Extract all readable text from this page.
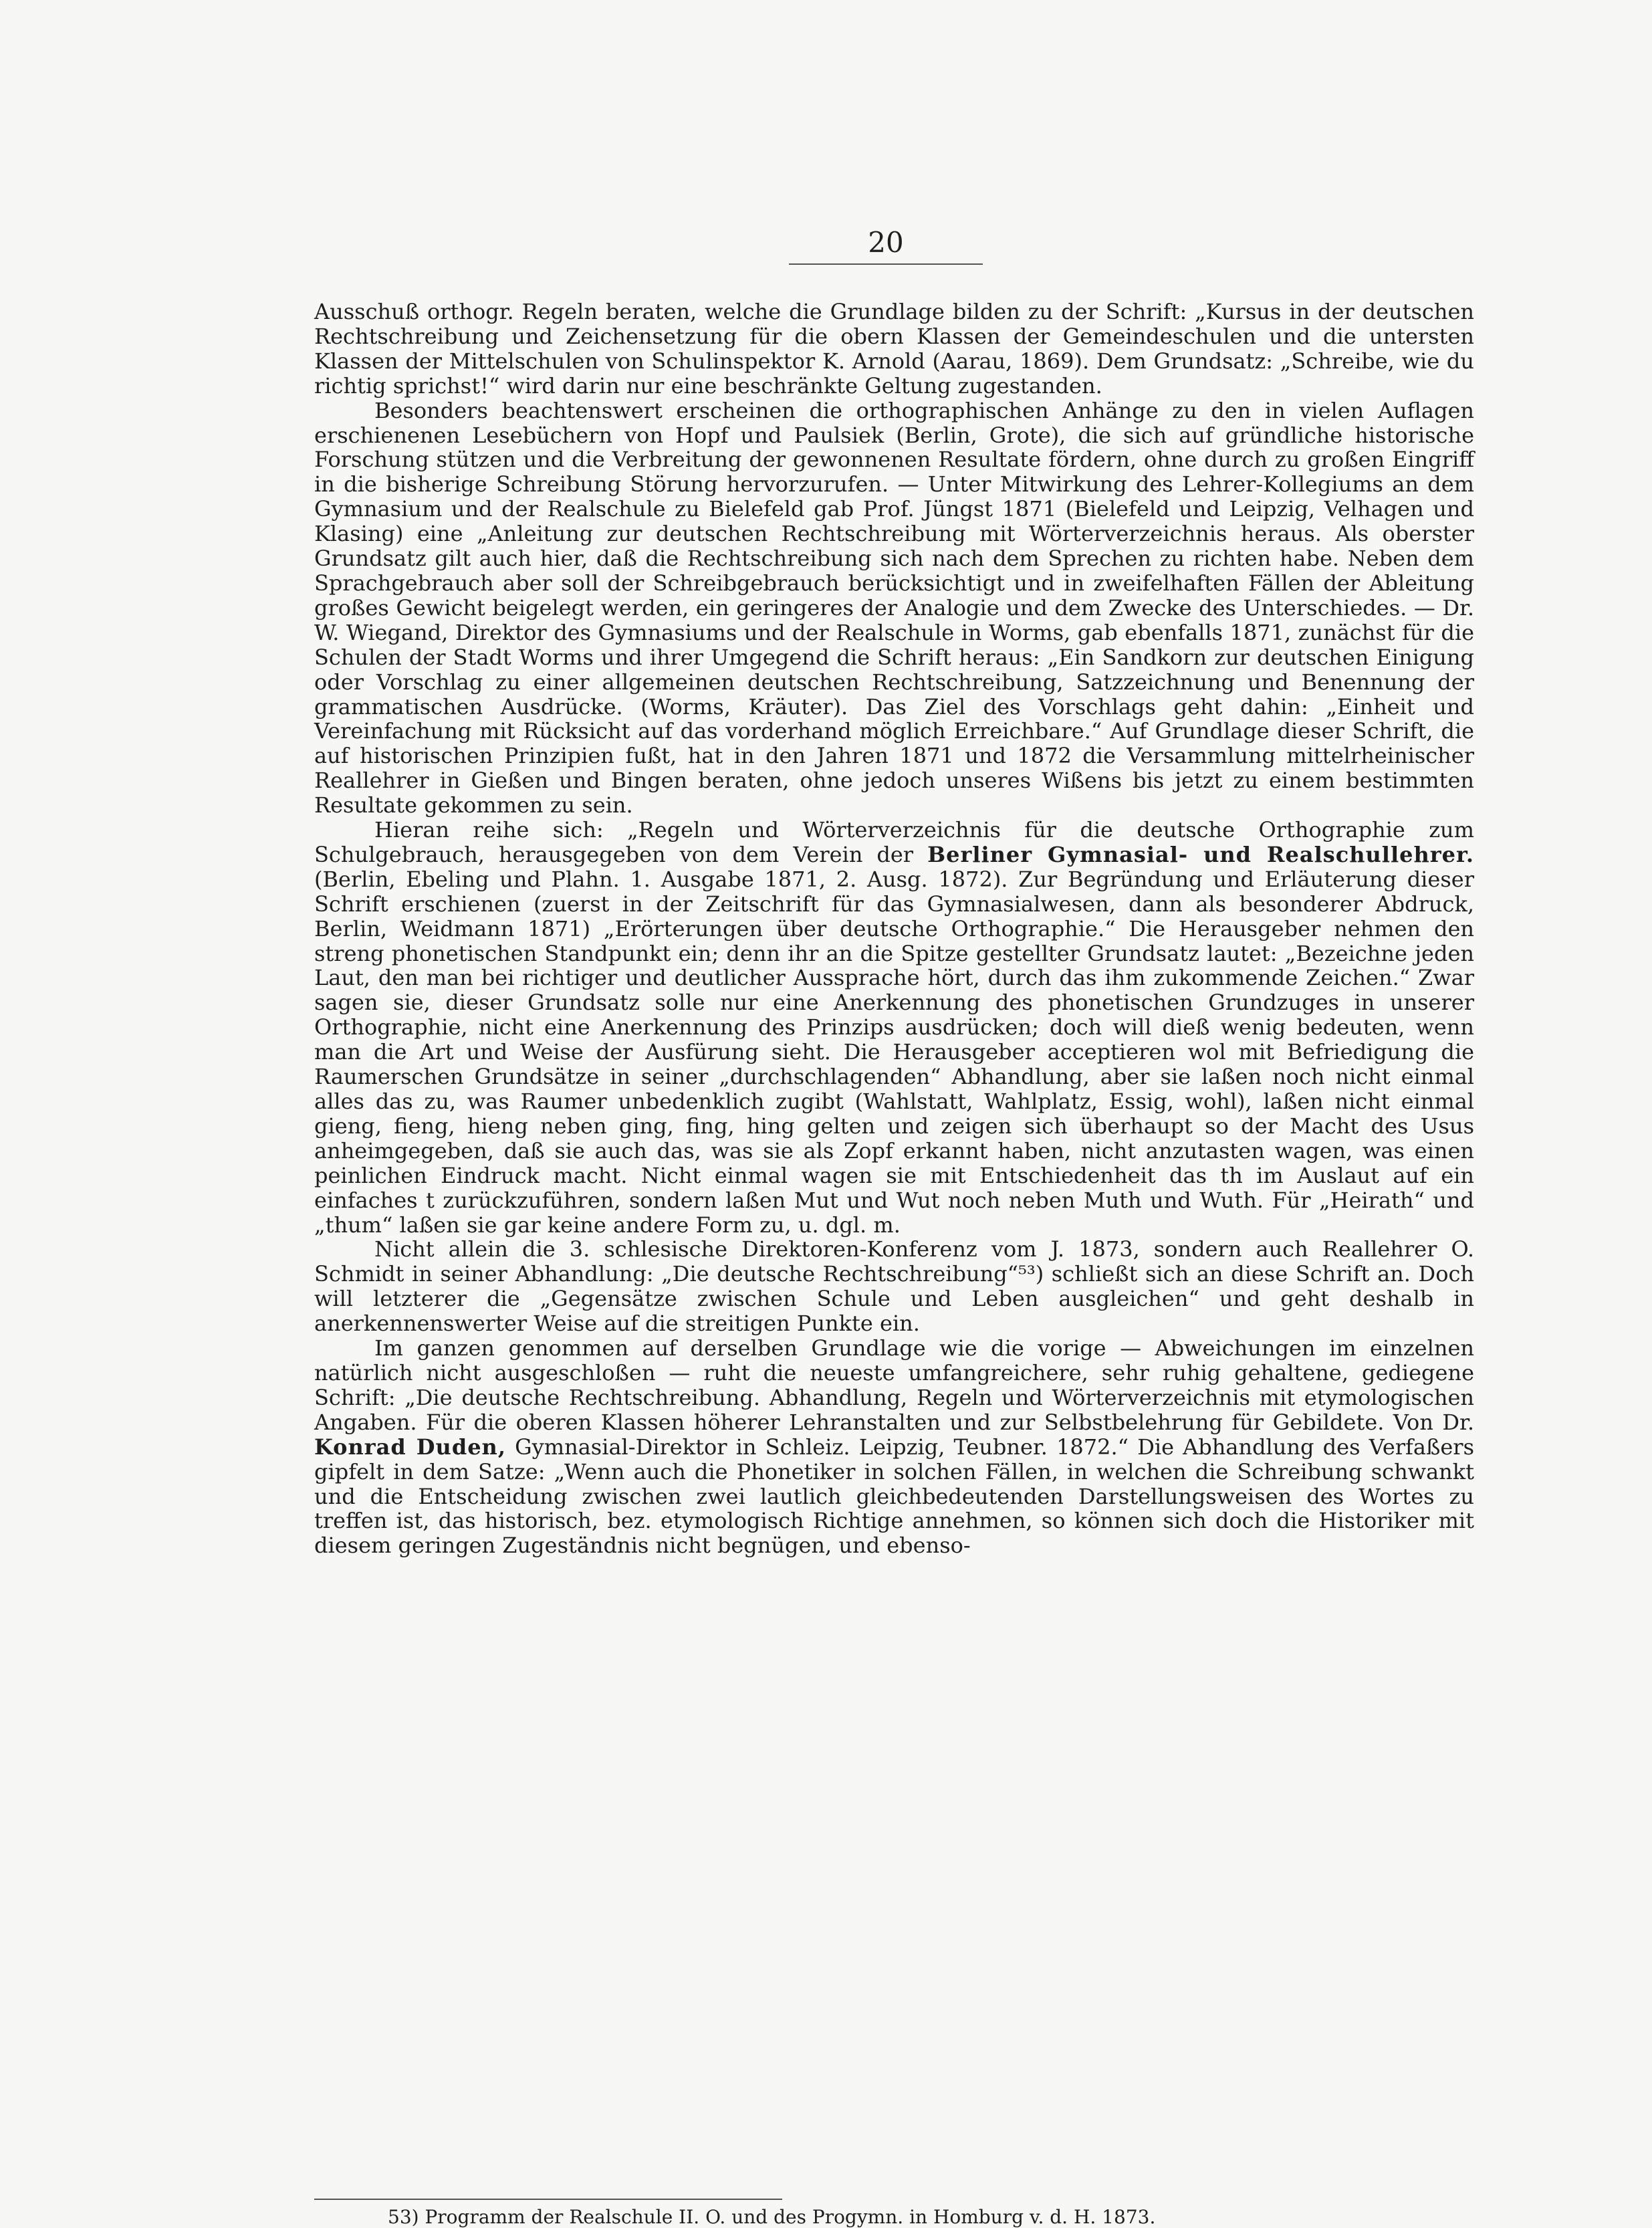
20

Ausschuß orthogr. Regeln beraten, welche die Grundlage bilden zu der Schrift: „Kursus in der deutschen Rechtschreibung und Zeichensetzung für die obern Klassen der Gemeindeschulen und die untersten Klassen der Mittelschulen von Schulinspektor K. Arnold (Aarau, 1869). Dem Grundsatz: „Schreibe, wie du richtig sprichst!“ wird darin nur eine beschränkte Geltung zugestanden.

Besonders beachtenswert erscheinen die orthographischen Anhänge zu den in vielen Auflagen erschienenen Lesebüchern von Hopf und Paulsiek (Berlin, Grote), die sich auf gründliche historische Forschung stützen und die Verbreitung der gewonnenen Resultate fördern, ohne durch zu großen Eingriff in die bisherige Schreibung Störung hervorzurufen. — Unter Mitwirkung des Lehrer-Kollegiums an dem Gymnasium und der Realschule zu Bielefeld gab Prof. Jüngst 1871 (Bielefeld und Leipzig, Velhagen und Klasing) eine „Anleitung zur deutschen Rechtschreibung mit Wörterverzeichnis heraus. Als oberster Grundsatz gilt auch hier, daß die Rechtschreibung sich nach dem Sprechen zu richten habe. Neben dem Sprachgebrauch aber soll der Schreibgebrauch berücksichtigt und in zweifelhaften Fällen der Ableitung großes Gewicht beigelegt werden, ein geringeres der Analogie und dem Zwecke des Unterschiedes. — Dr. W. Wiegand, Direktor des Gymnasiums und der Realschule in Worms, gab ebenfalls 1871, zunächst für die Schulen der Stadt Worms und ihrer Umgegend die Schrift heraus: „Ein Sandkorn zur deutschen Einigung oder Vorschlag zu einer allgemeinen deutschen Rechtschreibung, Satzzeichnung und Benennung der grammatischen Ausdrücke. (Worms, Kräuter). Das Ziel des Vorschlags geht dahin: „Einheit und Vereinfachung mit Rücksicht auf das vorderhand möglich Erreichbare.“ Auf Grundlage dieser Schrift, die auf historischen Prinzipien fußt, hat in den Jahren 1871 und 1872 die Versammlung mittelrheinischer Reallehrer in Gießen und Bingen beraten, ohne jedoch unseres Wißens bis jetzt zu einem bestimmten Resultate gekommen zu sein.

Hieran reihe sich: „Regeln und Wörterverzeichnis für die deutsche Orthographie zum Schulgebrauch, herausgegeben von dem Verein der Berliner Gymnasial- und Realschullehrer. (Berlin, Ebeling und Plahn. 1. Ausgabe 1871, 2. Ausg. 1872). Zur Begründung und Erläuterung dieser Schrift erschienen (zuerst in der Zeitschrift für das Gymnasialwesen, dann als besonderer Abdruck, Berlin, Weidmann 1871) „Erörterungen über deutsche Orthographie.“ Die Herausgeber nehmen den streng phonetischen Standpunkt ein; denn ihr an die Spitze gestellter Grundsatz lautet: „Bezeichne jeden Laut, den man bei richtiger und deutlicher Aussprache hört, durch das ihm zukommende Zeichen.“ Zwar sagen sie, dieser Grundsatz solle nur eine Anerkennung des phonetischen Grundzuges in unserer Orthographie, nicht eine Anerkennung des Prinzips ausdrücken; doch will dieß wenig bedeuten, wenn man die Art und Weise der Ausfürung sieht. Die Herausgeber acceptieren wol mit Befriedigung die Raumerschen Grundsätze in seiner „durchschlagenden“ Abhandlung, aber sie laßen noch nicht einmal alles das zu, was Raumer unbedenklich zugibt (Wahlstatt, Wahlplatz, Essig, wohl), laßen nicht einmal gieng, fieng, hieng neben ging, fing, hing gelten und zeigen sich überhaupt so der Macht des Usus anheimgegeben, daß sie auch das, was sie als Zopf erkannt haben, nicht anzutasten wagen, was einen peinlichen Eindruck macht. Nicht einmal wagen sie mit Entschiedenheit das th im Auslaut auf ein einfaches t zurückzuführen, sondern laßen Mut und Wut noch neben Muth und Wuth. Für „Heirath“ und „thum“ laßen sie gar keine andere Form zu, u. dgl. m.

Nicht allein die 3. schlesische Direktoren-Konferenz vom J. 1873, sondern auch Reallehrer O. Schmidt in seiner Abhandlung: „Die deutsche Rechtschreibung“⁵³) schließt sich an diese Schrift an. Doch will letzterer die „Gegensätze zwischen Schule und Leben ausgleichen“ und geht deshalb in anerkennenswerter Weise auf die streitigen Punkte ein.

Im ganzen genommen auf derselben Grundlage wie die vorige — Abweichungen im einzelnen natürlich nicht ausgeschloßen — ruht die neueste umfangreichere, sehr ruhig gehaltene, gediegene Schrift: „Die deutsche Rechtschreibung. Abhandlung, Regeln und Wörterverzeichnis mit etymologischen Angaben. Für die oberen Klassen höherer Lehranstalten und zur Selbstbelehrung für Gebildete. Von Dr. Konrad Duden, Gymnasial-Direktor in Schleiz. Leipzig, Teubner. 1872.“ Die Abhandlung des Verfaßers gipfelt in dem Satze: „Wenn auch die Phonetiker in solchen Fällen, in welchen die Schreibung schwankt und die Entscheidung zwischen zwei lautlich gleichbedeutenden Darstellungsweisen des Wortes zu treffen ist, das historisch, bez. etymologisch Richtige annehmen, so können sich doch die Historiker mit diesem geringen Zugeständnis nicht begnügen, und ebenso-

53) Programm der Realschule II. O. und des Progymn. in Homburg v. d. H. 1873.
